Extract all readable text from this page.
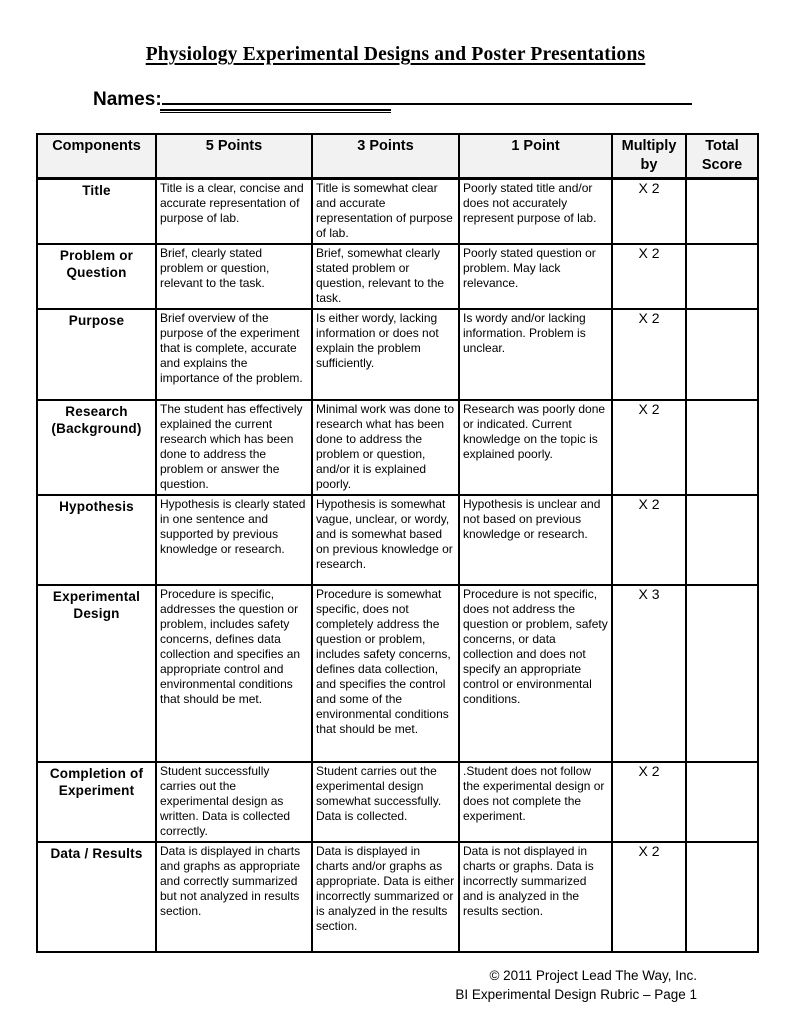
Physiology Experimental Designs and Poster Presentations
Names:
Components	5 Points	3 Points	1 Point	Multiply by	Total Score
Title	Title is a clear, concise and accurate representation of purpose of lab.	Title is somewhat clear and accurate representation of purpose of lab.	Poorly stated title and/or does not accurately represent purpose of lab.	X 2	
Problem or Question	Brief, clearly stated problem or question, relevant to the task.	Brief, somewhat clearly stated problem or question, relevant to the task.	Poorly stated question or problem. May lack relevance.	X 2	
Purpose	Brief overview of the purpose of the experiment that is complete, accurate and explains the importance of the problem.	Is either wordy, lacking information or does not explain the problem sufficiently.	Is wordy and/or lacking information. Problem is unclear.	X 2	
Research (Background)	The student has effectively explained the current research which has been done to address the problem or answer the question.	Minimal work was done to research what has been done to address the problem or question, and/or it is explained poorly.	Research was poorly done or indicated. Current knowledge on the topic is explained poorly.	X 2	
Hypothesis	Hypothesis is clearly stated in one sentence and supported by previous knowledge or research.	Hypothesis is somewhat vague, unclear, or wordy, and is somewhat based on previous knowledge or research.	Hypothesis is unclear and not based on previous knowledge or research.	X 2	
Experimental Design	Procedure is specific, addresses the question or problem, includes safety concerns, defines data collection and specifies an appropriate control and environmental conditions that should be met.	Procedure is somewhat specific, does not completely address the question or problem, includes safety concerns, defines data collection, and specifies the control and some of the environmental conditions that should be met.	Procedure is not specific, does not address the question or problem, safety concerns, or data collection and does not specify an appropriate control or environmental conditions.	X 3	
Completion of Experiment	Student successfully carries out the experimental design as written. Data is collected correctly.	Student carries out the experimental design somewhat successfully. Data is collected.	.Student does not follow the experimental design or does not complete the experiment.	X 2	
Data / Results	Data is displayed in charts and graphs as appropriate and correctly summarized but not analyzed in results section.	Data is displayed in charts and/or graphs as appropriate. Data is either incorrectly summarized or is analyzed in the results section.	Data is not displayed in charts or graphs. Data is incorrectly summarized and is analyzed in the results section.	X 2	
© 2011 Project Lead The Way, Inc.
BI Experimental Design Rubric – Page 1
